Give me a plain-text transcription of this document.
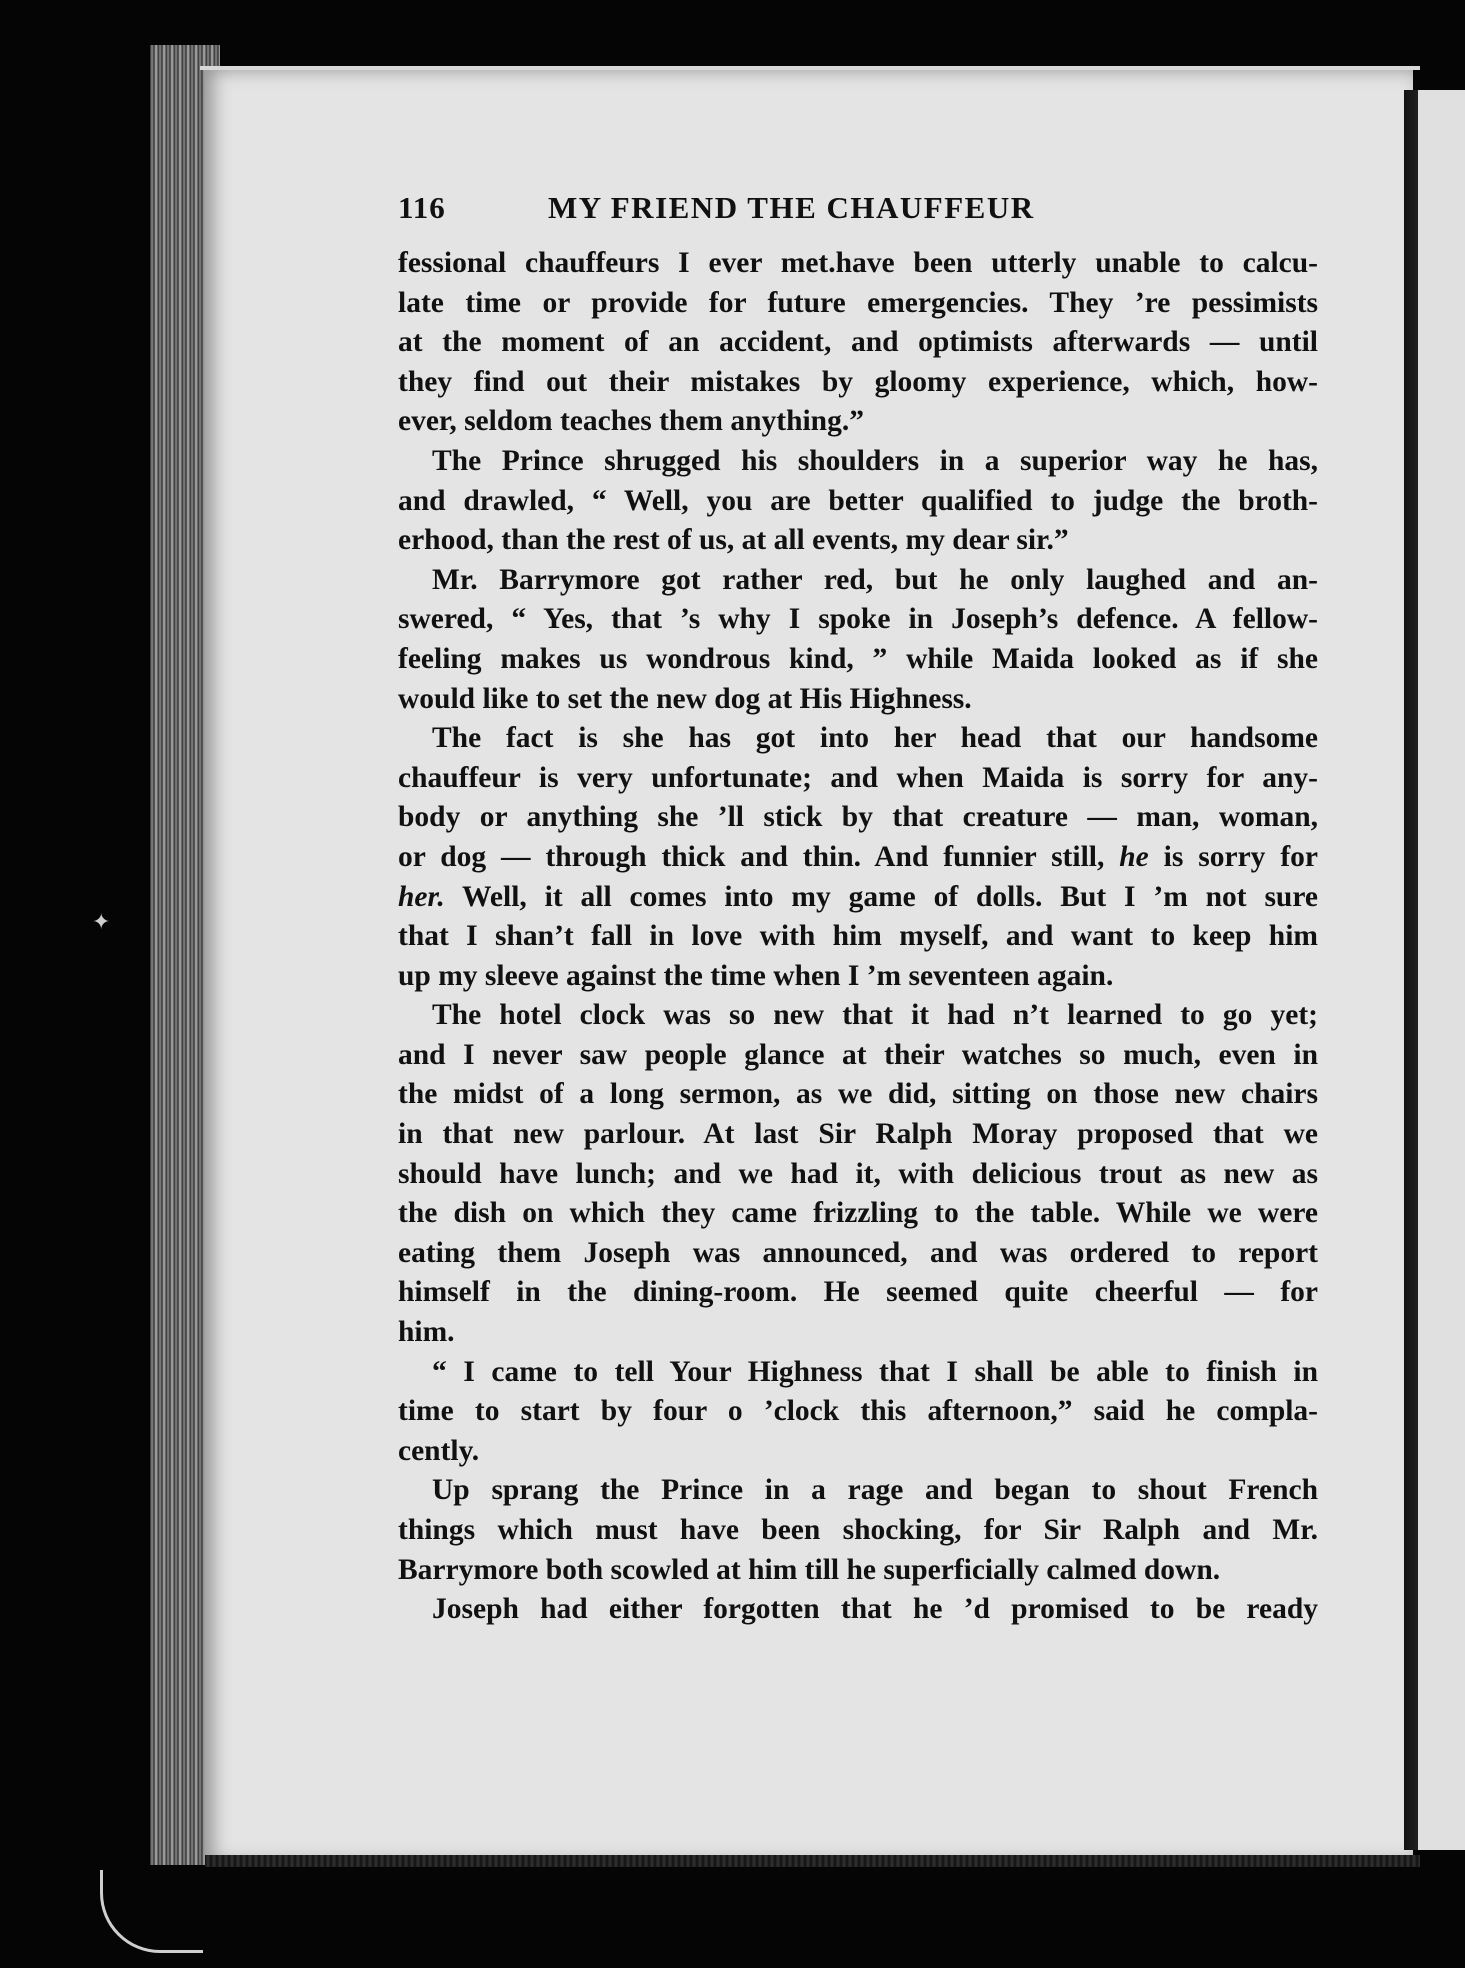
✦
116	MY FRIEND THE CHAUFFEUR
fessional chauffeurs I ever met.have been utterly unable to calcu-
late time or provide for future emergencies. They ’re pessimists
at the moment of an accident, and optimists afterwards — until
they find out their mistakes by gloomy experience, which, how-
ever, seldom teaches them anything.”
The Prince shrugged his shoulders in a superior way he has,
and drawled, “ Well, you are better qualified to judge the broth-
erhood, than the rest of us, at all events, my dear sir.”
Mr. Barrymore got rather red, but he only laughed and an-
swered, “ Yes, that ’s why I spoke in Joseph’s defence. A fellow-
feeling makes us wondrous kind, ” while Maida looked as if she
would like to set the new dog at His Highness.
The fact is she has got into her head that our handsome
chauffeur is very unfortunate; and when Maida is sorry for any-
body or anything she ’ll stick by that creature — man, woman,
or dog — through thick and thin. And funnier still, he is sorry for
her. Well, it all comes into my game of dolls. But I ’m not sure
that I shan’t fall in love with him myself, and want to keep him
up my sleeve against the time when I ’m seventeen again.
The hotel clock was so new that it had n’t learned to go yet;
and I never saw people glance at their watches so much, even in
the midst of a long sermon, as we did, sitting on those new chairs
in that new parlour. At last Sir Ralph Moray proposed that we
should have lunch; and we had it, with delicious trout as new as
the dish on which they came frizzling to the table. While we were
eating them Joseph was announced, and was ordered to report
himself in the dining-room. He seemed quite cheerful — for
him.
“ I came to tell Your Highness that I shall be able to finish in
time to start by four o ’clock this afternoon,” said he compla-
cently.
Up sprang the Prince in a rage and began to shout French
things which must have been shocking, for Sir Ralph and Mr.
Barrymore both scowled at him till he superficially calmed down.
Joseph had either forgotten that he ’d promised to be ready
